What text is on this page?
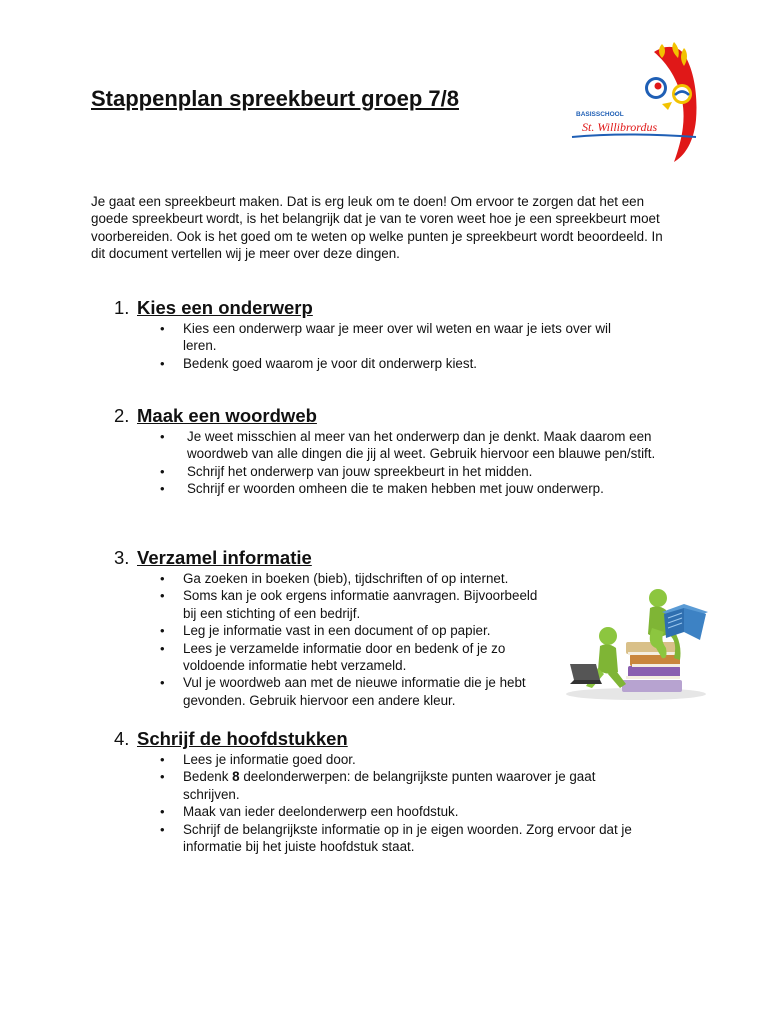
Stappenplan spreekbeurt groep 7/8
BASISSCHOOL
St. Willibrordus

Je gaat een spreekbeurt maken. Dat is erg leuk om te doen! Om ervoor te zorgen dat het een goede spreekbeurt wordt, is het belangrijk dat je van te voren weet hoe je een spreekbeurt moet voorbereiden. Ook is het goed om te weten op welke punten je spreekbeurt wordt beoordeeld. In dit document vertellen wij je meer over deze dingen.

1. Kies een onderwerp
• Kies een onderwerp waar je meer over wil weten en waar je iets over wil leren.
• Bedenk goed waarom je voor dit onderwerp kiest.
2. Maak een woordweb
• Je weet misschien al meer van het onderwerp dan je denkt. Maak daarom een woordweb van alle dingen die jij al weet. Gebruik hiervoor een blauwe pen/stift.
• Schrijf het onderwerp van jouw spreekbeurt in het midden.
• Schrijf er woorden omheen die te maken hebben met jouw onderwerp.
3. Verzamel informatie
• Ga zoeken in boeken (bieb), tijdschriften of op internet.
• Soms kan je ook ergens informatie aanvragen. Bijvoorbeeld bij een stichting of een bedrijf.
• Leg je informatie vast in een document of op papier.
• Lees je verzamelde informatie door en bedenk of je zo voldoende informatie hebt verzameld.
• Vul je woordweb aan met de nieuwe informatie die je hebt gevonden. Gebruik hiervoor een andere kleur.
4. Schrijf de hoofdstukken
• Lees je informatie goed door.
• Bedenk 8 deelonderwerpen: de belangrijkste punten waarover je gaat schrijven.
• Maak van ieder deelonderwerp een hoofdstuk.
• Schrijf de belangrijkste informatie op in je eigen woorden. Zorg ervoor dat je informatie bij het juiste hoofdstuk staat.
